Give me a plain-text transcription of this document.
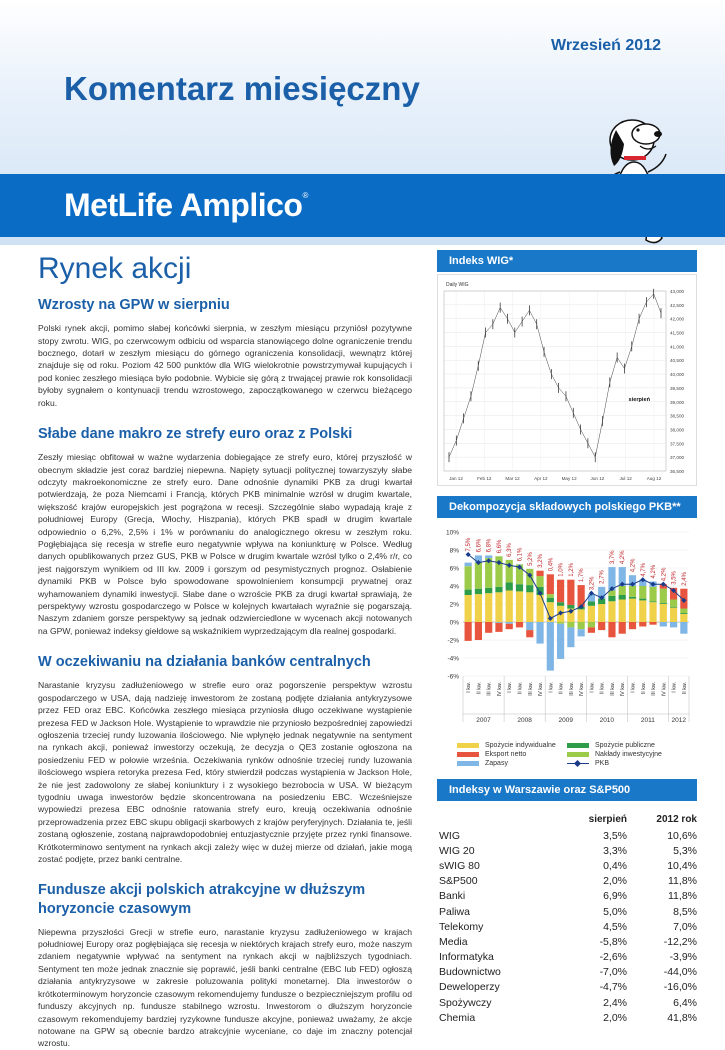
Wrzesień 2012
Komentarz miesięczny
MetLife Amplico®
Rynek akcji
Wzrosty na GPW w sierpniu

Polski rynek akcji, pomimo słabej końcówki sierpnia, w zeszłym miesiącu przyniósł pozytywne stopy zwrotu. WIG, po czerwcowym odbiciu od wsparcia stanowiącego dolne ograniczenie trendu bocznego, dotarł w zeszłym miesiącu do górnego ograniczenia konsolidacji, wewnątrz której znajduje się od roku. Poziom 42 500 punktów dla WIG wielokrotnie powstrzymywał kupujących i pod koniec zeszłego miesiąca było podobnie. Wybicie się górą z trwającej prawie rok konsolidacji byłoby sygnałem o kontynuacji trendu wzrostowego, zapoczątkowanego w czerwcu bieżącego roku.

Słabe dane makro ze strefy euro oraz z Polski

Zeszły miesiąc obfitował w ważne wydarzenia dobiegające ze strefy euro, której przyszłość w obecnym składzie jest coraz bardziej niepewna. Napięty sytuacji politycznej towarzyszyły słabe odczyty makroekonomiczne ze strefy euro. Dane odnośnie dynamiki PKB za drugi kwartał potwierdzają, że poza Niemcami i Francją, których PKB minimalnie wzrósł w drugim kwartale, większość krajów europejskich jest pogrążona w recesji. Szczególnie słabo wypadają kraje z południowej Europy (Grecja, Włochy, Hiszpania), których PKB spadł w drugim kwartale odpowiednio o 6,2%, 2,5% i 1% w porównaniu do analogicznego okresu w zeszłym roku. Pogłębiająca się recesja w strefie euro negatywnie wpływa na koniunkturę w Polsce. Według danych opublikowanych przez GUS, PKB w Polsce w drugim kwartale wzrósł tylko o 2,4% r/r, co jest najgorszym wynikiem od III kw. 2009 i gorszym od pesymistycznych prognoz. Osłabienie dynamiki PKB w Polsce było spowodowane spowolnieniem konsumpcji prywatnej oraz wyhamowaniem dynamiki inwestycji. Słabe dane o wzroście PKB za drugi kwartał sprawiają, że perspektywy wzrostu gospodarczego w Polsce w kolejnych kwartałach wyraźnie się pogarszają. Naszym zdaniem gorsze perspektywy są jednak odzwierciedlone w wycenach akcji notowanych na GPW, ponieważ indeksy giełdowe są wskaźnikiem wyprzedzającym dla realnej gospodarki.

W oczekiwaniu na działania banków centralnych

Narastanie kryzysu zadłużeniowego w strefie euro oraz pogorszenie perspektyw wzrostu gospodarczego w USA, dają nadzieję inwestorom że zostaną podjęte działania antykryzysowe przez FED oraz EBC. Końcówka zeszłego miesiąca przyniosła długo oczekiwane wystąpienie prezesa FED w Jackson Hole. Wystąpienie to wprawdzie nie przyniosło bezpośredniej zapowiedzi ogłoszenia trzeciej rundy luzowania ilościowego. Nie wpłynęło jednak negatywnie na sentyment na rynkach akcji, ponieważ inwestorzy oczekują, że decyzja o QE3 zostanie ogłoszona na posiedzeniu FED w połowie września. Oczekiwania rynków odnośnie trzeciej rundy luzowania ilościowego wspiera retoryka prezesa Fed, który stwierdził podczas wystąpienia w Jackson Hole, że nie jest zadowolony ze słabej koniunktury i z wysokiego bezrobocia w USA. W bieżącym tygodniu uwaga inwestorów będzie skoncentrowana na posiedzeniu EBC. Wcześniejsze wypowiedzi prezesa EBC odnośnie ratowania strefy euro, kreują oczekiwania odnośnie przeprowadzenia przez EBC skupu obligacji skarbowych z krajów peryferyjnych. Działania te, jeśli zostaną ogłoszenie, zostaną najprawdopodobniej entuzjastycznie przyjęte przez rynki finansowe. Krótkoterminowo sentyment na rynkach akcji zależy więc w dużej mierze od działań, jakie mogą zostać podjęte, przez banki centralne.

Fundusze akcji polskich atrakcyjne w dłuższym horyzoncie czasowym

Niepewna przyszłości Grecji w strefie euro, narastanie kryzysu zadłużeniowego w krajach południowej Europy oraz pogłębiająca się recesja w niektórych krajach strefy euro, może naszym zdaniem negatywnie wpływać na sentyment na rynkach akcji w najbliższych tygodniach. Sentyment ten może jednak znacznie się poprawić, jeśli banki centralne (EBC lub FED) ogłoszą działania antykryzysowe w zakresie poluzowania polityki monetarnej. Dla inwestorów o krótkoterminowym horyzoncie czasowym rekomendujemy fundusze o bezpieczniejszym profilu od funduszy akcyjnych np. fundusze stabilnego wzrostu. Inwestorom o dłuższym horyzoncie czasowym rekomendujemy bardziej ryzykowne fundusze akcyjne, ponieważ uważamy, że akcje notowane na GPW są obecnie bardzo atrakcyjnie wyceniane, co daje im znaczny potencjał wzrostu.

Indeks WIG*
Daily WIG
43,000
42,500
42,000
41,500
41,000
40,500
40,000
39,500
39,000
38,500
38,000
37,500
37,000
36,500
Jan 12	Feb 12	Mar 12	Apr 12	May 12	Jun 12	Jul 12	Aug 12
sierpień
Dekompozycja składowych polskiego PKB**
-6%
-4%
-2%
0%
2%
4%
6%
8%
10%
I kw. II kw. III kw. IV kw. I kw. II kw. III kw. IV kw. I kw. II kw. III kw. IV kw. I kw. II kw. III kw. IV kw. I kw. II kw. III kw. IV kw. I kw. II kw.
7,5% 6,6% 6,8% 6,6% 6,3% 6,1% 5,2% 3,2% 0,4% 1,0% 1,2% 1,7%
3,2% 2,7%
3,7% 4,2%
4,2% 4,7% 4,2% 4,2% 3,5% 2,4%
2007	2008	2009	2010	2011	2012
Spożycie indywidualne	Spożycie publiczne
Eksport netto	Nakłady inwestycyjne
Zapasy	PKB
Indeksy w Warszawie oraz S&P500
	sierpień	2012 rok
WIG	3,5%	10,6%
WIG 20	3,3%	5,3%
sWIG 80	0,4%	10,4%
S&P500	2,0%	11,8%
Banki	6,9%	11,8%
Paliwa	5,0%	8,5%
Telekomy	4,5%	7,0%
Media	-5,8%	-12,2%
Informatyka	-2,6%	-3,9%
Budownictwo	-7,0%	-44,0%
Deweloperzy	-4,7%	-16,0%
Spożywczy	2,4%	6,4%
Chemia	2,0%	41,8%
